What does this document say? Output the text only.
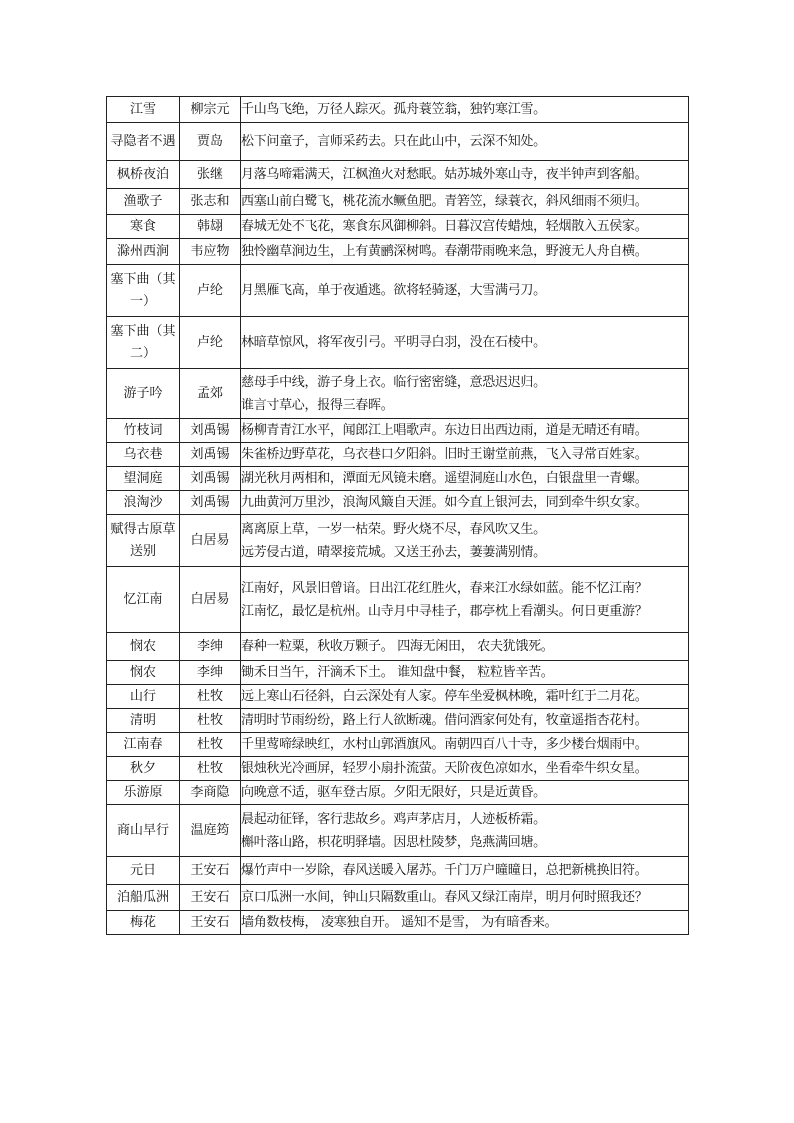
江雪	柳宗元	千山鸟飞绝，万径人踪灭。孤舟蓑笠翁，独钓寒江雪。

寻隐者不遇	贾岛	松下问童子，言师采药去。只在此山中，云深不知处。

枫桥夜泊	张继	月落乌啼霜满天，江枫渔火对愁眠。姑苏城外寒山寺，夜半钟声到客船。

渔歌子	张志和	西塞山前白鹭飞，桃花流水鳜鱼肥。青箬笠，绿蓑衣，斜风细雨不须归。

寒食	韩翃	春城无处不飞花，寒食东风御柳斜。日暮汉宫传蜡烛，轻烟散入五侯家。

滁州西涧	韦应物	独怜幽草涧边生，上有黄鹂深树鸣。春潮带雨晚来急，野渡无人舟自横。

塞下曲（其一）	卢纶	月黑雁飞高，单于夜遁逃。欲将轻骑逐，大雪满弓刀。

塞下曲（其二）	卢纶	林暗草惊风，将军夜引弓。平明寻白羽，没在石棱中。

游子吟	孟郊	慈母手中线，游子身上衣。临行密密缝，意恐迟迟归。
谁言寸草心，报得三春晖。

竹枝词	刘禹锡	杨柳青青江水平，闻郎江上唱歌声。东边日出西边雨，道是无晴还有晴。

乌衣巷	刘禹锡	朱雀桥边野草花，乌衣巷口夕阳斜。旧时王谢堂前燕，飞入寻常百姓家。

望洞庭	刘禹锡	湖光秋月两相和，潭面无风镜未磨。遥望洞庭山水色，白银盘里一青螺。

浪淘沙	刘禹锡	九曲黄河万里沙，浪淘风簸自天涯。如今直上银河去，同到牵牛织女家。

赋得古原草送别	白居易	离离原上草，一岁一枯荣。野火烧不尽，春风吹又生。
远芳侵古道，晴翠接荒城。又送王孙去，萋萋满别情。

忆江南	白居易	江南好，风景旧曾谙。日出江花红胜火，春来江水绿如蓝。能不忆江南？
江南忆，最忆是杭州。山寺月中寻桂子，郡亭枕上看潮头。何日更重游？

悯农	李绅	春种一粒粟，秋收万颗子。 四海无闲田， 农夫犹饿死。

悯农	李绅	锄禾日当午，汗滴禾下土。 谁知盘中餐， 粒粒皆辛苦。

山行	杜牧	远上寒山石径斜，白云深处有人家。停车坐爱枫林晚，霜叶红于二月花。

清明	杜牧	清明时节雨纷纷，路上行人欲断魂。借问酒家何处有，牧童遥指杏花村。

江南春	杜牧	千里莺啼绿映红，水村山郭酒旗风。南朝四百八十寺，多少楼台烟雨中。

秋夕	杜牧	银烛秋光冷画屏，轻罗小扇扑流萤。天阶夜色凉如水，坐看牵牛织女星。

乐游原	李商隐	向晚意不适，驱车登古原。夕阳无限好，只是近黄昏。

商山早行	温庭筠	晨起动征铎，客行悲故乡。鸡声茅店月，人迹板桥霜。
槲叶落山路，枳花明驿墙。因思杜陵梦，凫燕满回塘。

元日	王安石	爆竹声中一岁除，春风送暖入屠苏。千门万户曈曈日，总把新桃换旧符。

泊船瓜洲	王安石	京口瓜洲一水间，钟山只隔数重山。春风又绿江南岸，明月何时照我还？

梅花	王安石	墙角数枝梅， 凌寒独自开。 遥知不是雪， 为有暗香来。
